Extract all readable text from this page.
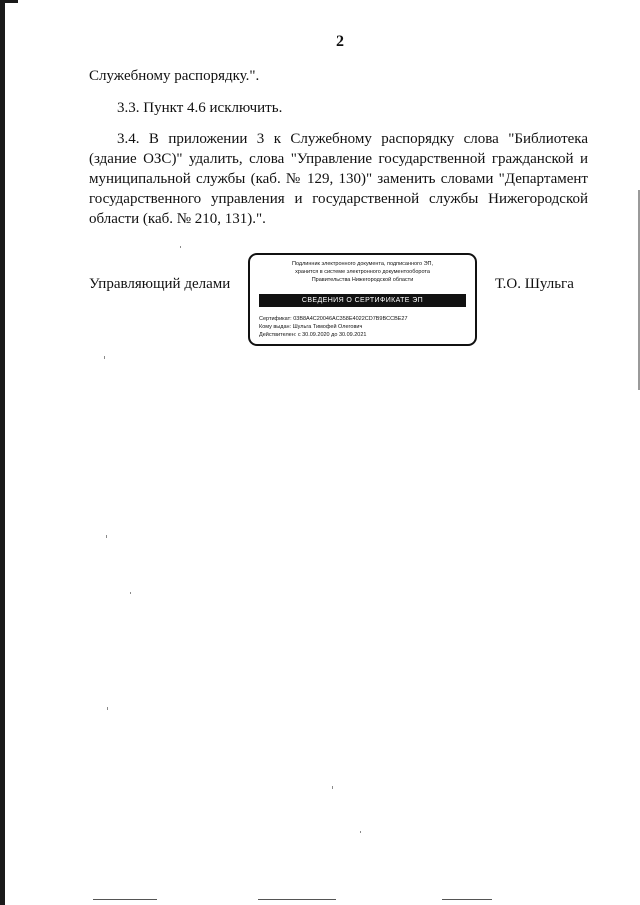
2
Служебному распорядку.".
3.3. Пункт 4.6 исключить.
3.4. В приложении 3 к Служебному распорядку слова "Библиотека (здание ОЗС)" удалить, слова "Управление государственной гражданской и муниципальной службы (каб. № 129, 130)" заменить словами "Департамент государственного управления и государственной службы Нижегородской области (каб. № 210, 131).".
Управляющий делами
Подлинник электронного документа, подписанного ЭП,
хранится в системе электронного документооборота
Правительства Нижегородской области
СВЕДЕНИЯ О СЕРТИФИКАТЕ ЭП
Сертификат: 03B8A4C20046AC358E4022CD7B9BCCBE27
Кому выдан: Шульга Тимофей Олегович
Действителен: с 30.09.2020 до 30.09.2021
Т.О. Шульга
